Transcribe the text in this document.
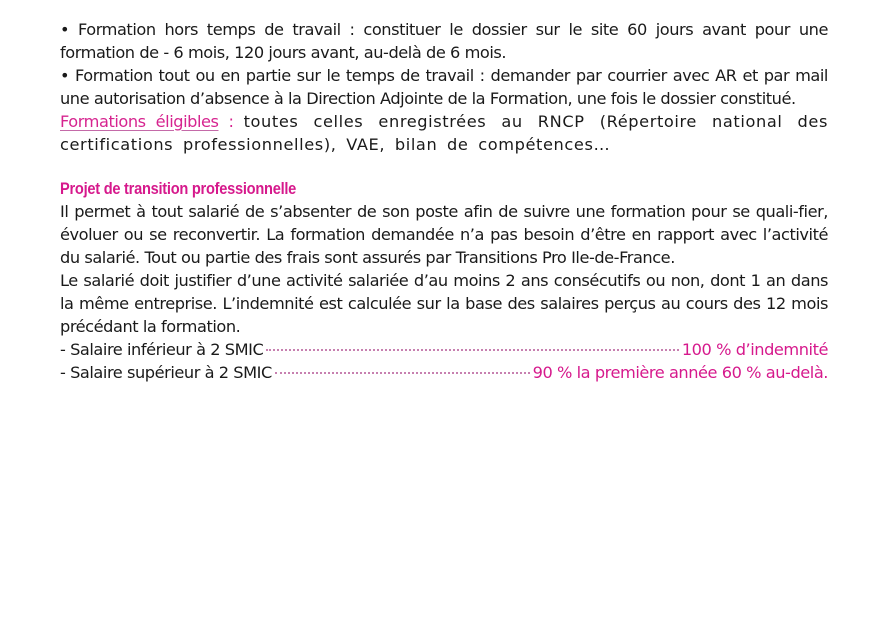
• Formation hors temps de travail : constituer le dossier sur le site 60 jours avant pour une formation de - 6 mois, 120 jours avant, au-delà de 6 mois.

• Formation tout ou en partie sur le temps de travail : demander par courrier avec AR et par mail une autorisation d’absence à la Direction Adjointe de la Formation, une fois le dossier constitué.

Formations éligibles : toutes celles enregistrées au RNCP (Répertoire national des certifications professionnelles), VAE, bilan de compétences…

Projet de transition professionnelle

Il permet à tout salarié de s’absenter de son poste afin de suivre une formation pour se quali-fier, évoluer ou se reconvertir. La formation demandée n’a pas besoin d’être en rapport avec l’activité du salarié. Tout ou partie des frais sont assurés par Transitions Pro Ile-de-France.

Le salarié doit justifier d’une activité salariée d’au moins 2 ans consécutifs ou non, dont 1 an dans la même entreprise. L’indemnité est calculée sur la base des salaires perçus au cours des 12 mois précédant la formation.

- Salaire inférieur à 2 SMIC	100 % d’indemnité
- Salaire supérieur à 2 SMIC	90 % la première année 60 % au-delà.
